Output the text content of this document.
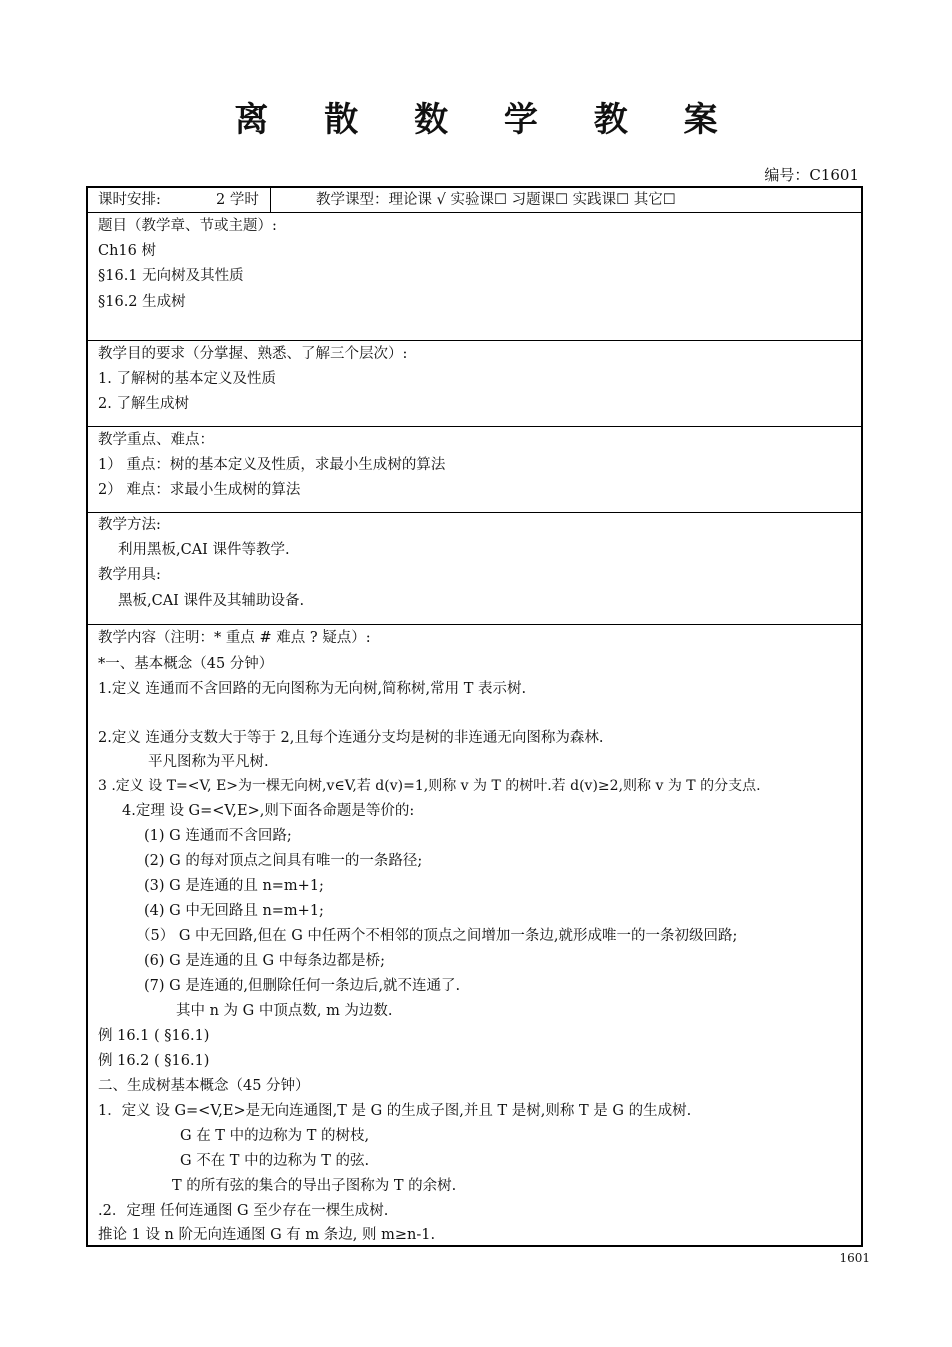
离 散 数 学 教 案
编号：C1601
课时安排:	2 学时	教学课型：理论课 √ 实验课☐ 习题课☐ 实践课☐ 其它☐
题目（教学章、节或主题）:
Ch16 树
§16.1 无向树及其性质
§16.2 生成树
教学目的要求（分掌握、熟悉、了解三个层次）:
1. 了解树的基本定义及性质
2. 了解生成树
教学重点、难点：
1） 重点：树的基本定义及性质，求最小生成树的算法
2） 难点：求最小生成树的算法
教学方法:
利用黑板,CAI 课件等教学.
教学用具:
黑板,CAI 课件及其辅助设备.
教学内容（注明：* 重点 # 难点 ? 疑点）:
*一、基本概念（45 分钟）
1.定义 连通而不含回路的无向图称为无向树,简称树,常用 T 表示树.
2.定义 连通分支数大于等于 2,且每个连通分支均是树的非连通无向图称为森林.
平凡图称为平凡树.
3 .定义 设 T=<V, E>为一棵无向树,v∈V,若 d(v)=1,则称 v 为 T 的树叶.若 d(v)≥2,则称 v 为 T 的分支点.
4.定理 设 G=<V,E>,则下面各命题是等价的:
(1) G 连通而不含回路;
(2) G 的每对顶点之间具有唯一的一条路径;
(3) G 是连通的且 n=m+1;
(4) G 中无回路且 n=m+1;
（5） G 中无回路,但在 G 中任两个不相邻的顶点之间增加一条边,就形成唯一的一条初级回路;
(6) G 是连通的且 G 中每条边都是桥;
(7) G 是连通的,但删除任何一条边后,就不连通了.
其中 n 为 G 中顶点数, m 为边数.
例 16.1 ( §16.1)
例 16.2 ( §16.1)
二、生成树基本概念（45 分钟）
1．定义 设 G=<V,E>是无向连通图,T 是 G 的生成子图,并且 T 是树,则称 T 是 G 的生成树.
G 在 T 中的边称为 T 的树枝,
G 不在 T 中的边称为 T 的弦.
T 的所有弦的集合的导出子图称为 T 的余树.
.2．定理 任何连通图 G 至少存在一棵生成树.
推论 1 设 n 阶无向连通图 G 有 m 条边, 则 m≥n-1.
1601
